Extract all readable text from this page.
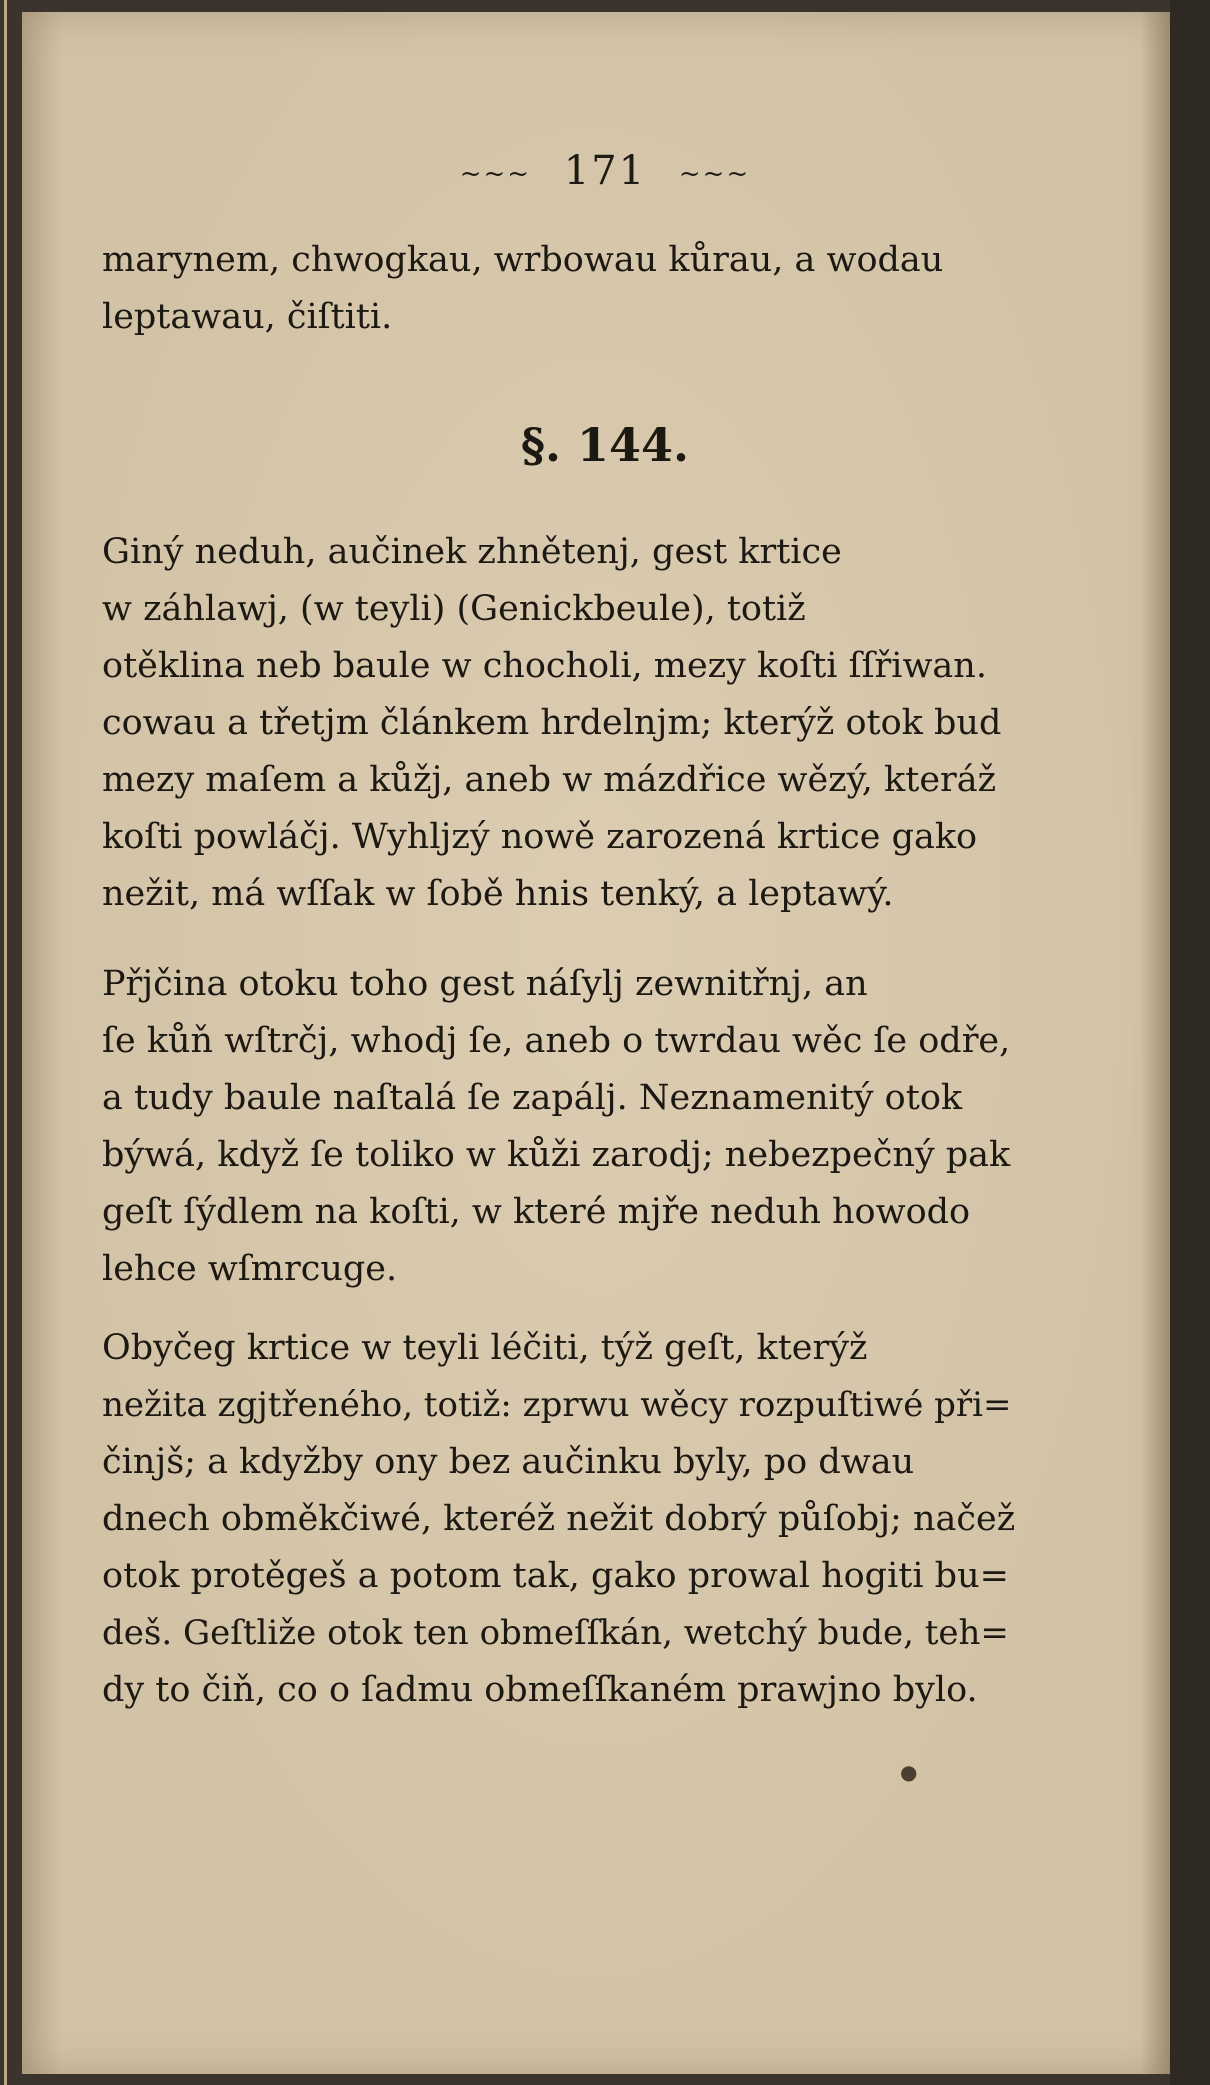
~~~ 171 ~~~
marynem, chwogkau, wrbowau kůrau, a wodau
leptawau, čiſtiti.
§. 144.
Giný neduh, aučinek zhnětenj, gest krtice
w záhlawj, (w teyli) (Genickbeule), totiž
otěklina neb baule w chocholi, mezy koſti ſſřiwan.
cowau a třetjm článkem hrdelnjm; kterýž otok bud
mezy maſem a kůžj, aneb w mázdřice wězý, kteráž
koſti powláčj. Wyhljzý nowě zarozená krtice gako
nežit, má wſſak w ſobě hnis tenký, a leptawý.
Přjčina otoku toho gest náſylj zewnitřnj, an
ſe kůň wſtrčj, whodj ſe, aneb o twrdau wěc ſe odře,
a tudy baule naſtalá ſe zapálj. Neznamenitý otok
býwá, když ſe toliko w kůži zarodj; nebezpečný pak
geſt ſýdlem na koſti, w které mjře neduh howodo
lehce wſmrcuge.
Obyčeg krtice w teyli léčiti, týž geſt, kterýž
nežita zgjtřeného, totiž: zprwu wěcy rozpuſtiwé při=
činjš; a kdyžby ony bez aučinku byly, po dwau
dnech obměkčiwé, kteréž nežit dobrý půſobj; načež
otok protěgeš a potom tak, gako prowal hogiti bu=
deš. Geſtliže otok ten obmeſſkán, wetchý bude, teh=
dy to čiň, co o ſadmu obmeſſkaném prawjno bylo.
●
